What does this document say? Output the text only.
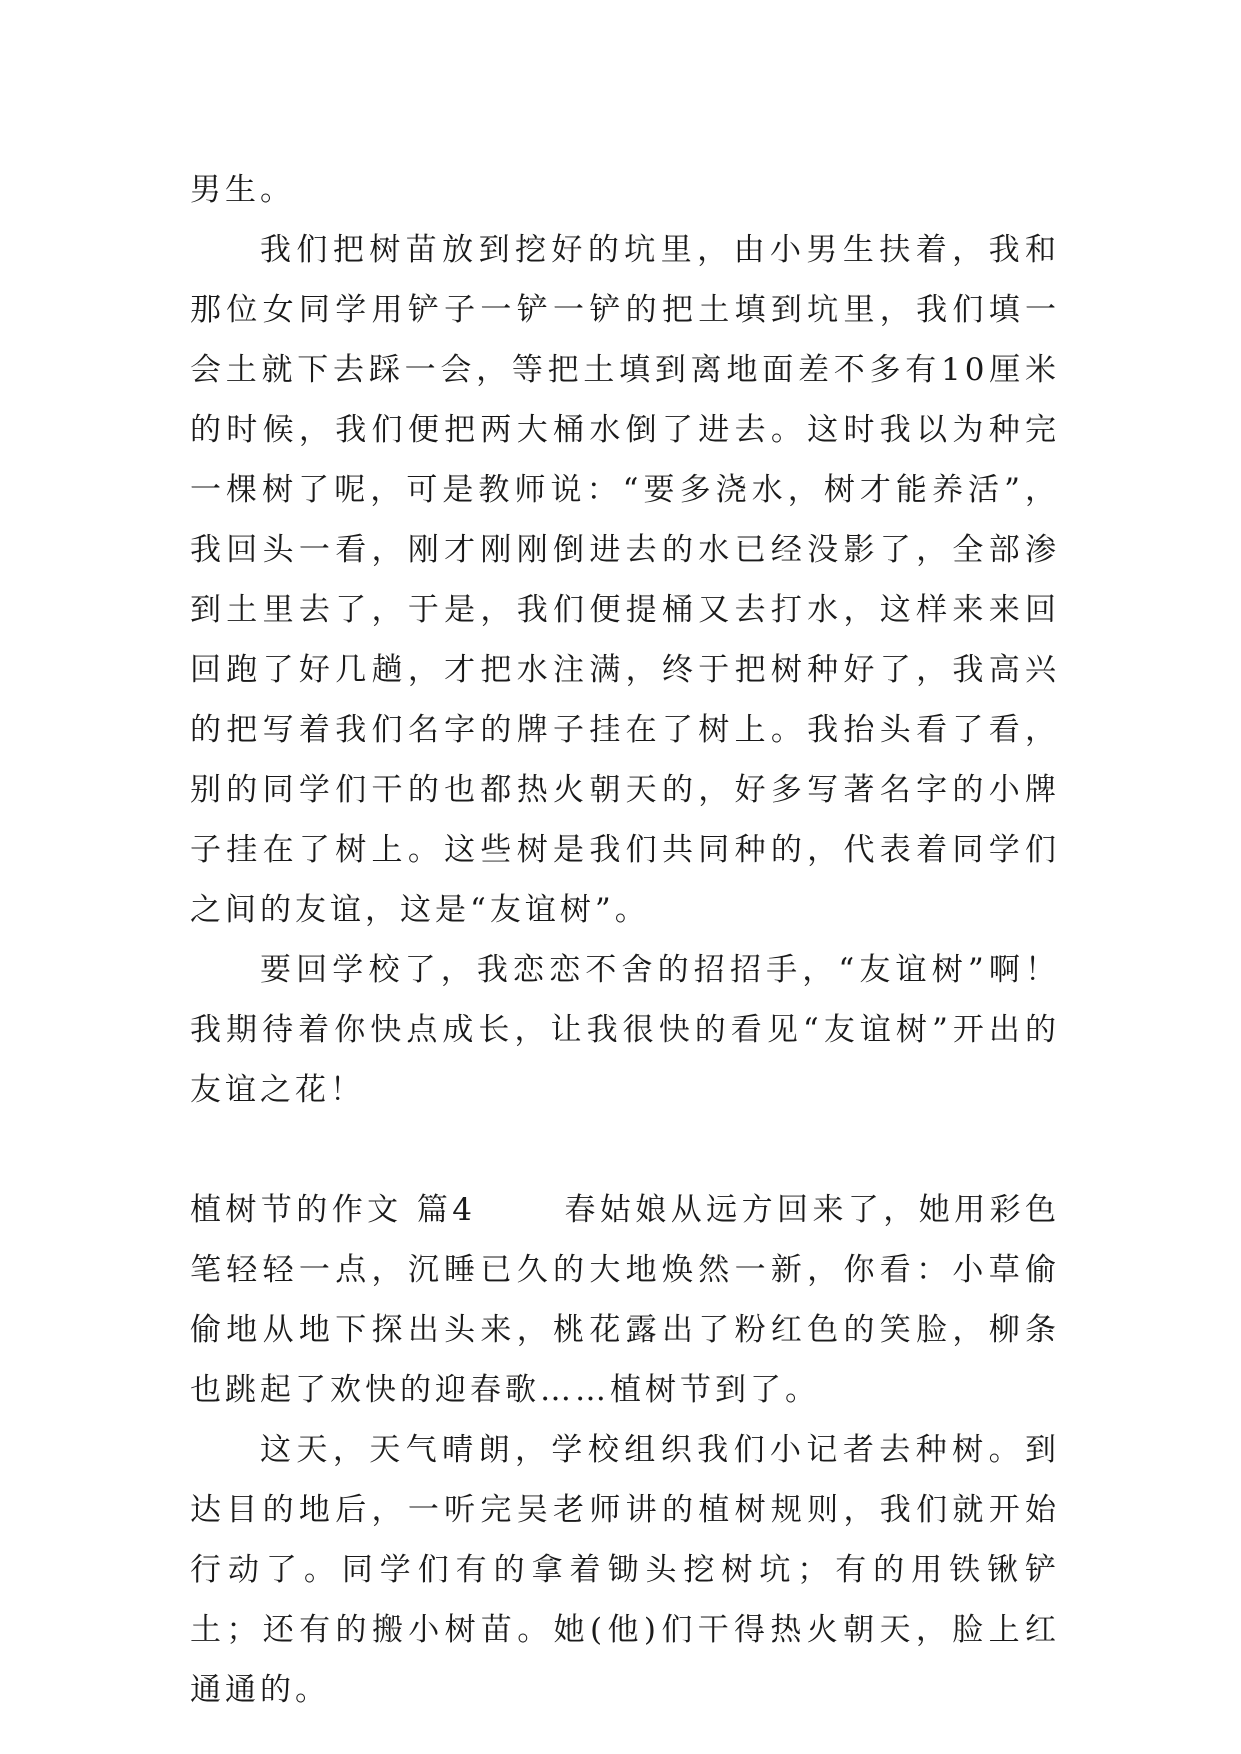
男生。

我们把树苗放到挖好的坑里，由小男生扶着，我和那位女同学用铲子一铲一铲的把土填到坑里，我们填一会土就下去踩一会，等把土填到离地面差不多有10厘米的时候，我们便把两大桶水倒了进去。这时我以为种完一棵树了呢，可是教师说：“要多浇水，树才能养活”，我回头一看，刚才刚刚倒进去的水已经没影了，全部渗到土里去了，于是，我们便提桶又去打水，这样来来回回跑了好几趟，才把水注满，终于把树种好了，我高兴的把写着我们名字的牌子挂在了树上。我抬头看了看，别的同学们干的也都热火朝天的，好多写著名字的小牌子挂在了树上。这些树是我们共同种的，代表着同学们之间的友谊，这是“友谊树”。

要回学校了，我恋恋不舍的招招手，“友谊树”啊！我期待着你快点成长，让我很快的看见“友谊树”开出的友谊之花！

植树节的作文 篇4	春姑娘从远方回来了，她用彩色笔轻轻一点，沉睡已久的大地焕然一新，你看：小草偷偷地从地下探出头来，桃花露出了粉红色的笑脸，柳条也跳起了欢快的迎春歌……植树节到了。

这天，天气晴朗，学校组织我们小记者去种树。到达目的地后，一听完吴老师讲的植树规则，我们就开始行动了。同学们有的拿着锄头挖树坑；有的用铁锹铲土；还有的搬小树苗。她(他)们干得热火朝天，脸上红通通的。
